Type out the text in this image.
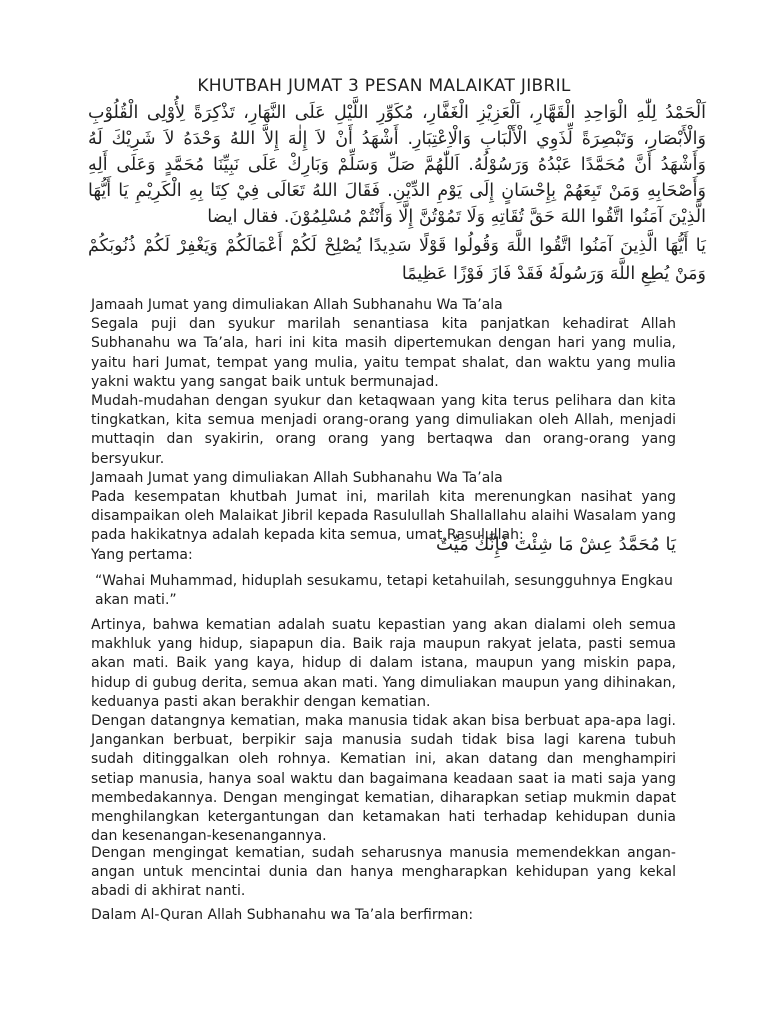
KHUTBAH JUMAT 3 PESAN MALAIKAT JIBRIL
اَلْحَمْدُ لِلّٰهِ الْوَاحِدِ الْقَهَّارِ، اَلْعَزِيْزِ الْغَفَّارِ، مُكَوِّرِ اللَّيْلِ عَلَى النَّهَارِ، تَذْكِرَةً لِأُوْلِى الْقُلُوْبِ وَالْأَبْصَارِ، وَتَبْصِرَةً لِّذَوِي الْأَلْبَابِ وَالْاِعْتِبَارِ. أَشْهَدُ أَنْ لاَ إِلٰهَ إِلاَّ اللهُ وَحْدَهُ لاَ شَرِيْكَ لَهُ وَأَشْهَدُ أَنَّ مُحَمَّدًا عَبْدُهُ وَرَسُوْلُهُ. اَللّٰهُمَّ صَلِّ وَسَلِّمْ وَبَارِكْ عَلَى نَبِيِّنَا مُحَمَّدٍ وَعَلَى أَلِهِ وَأَصْحَابِهِ وَمَنْ تَبِعَهُمْ بِإِحْسَانٍ إِلَى يَوْمِ الدِّيْنِ. فَقَالَ اللهُ تَعَالَى فِيْ كِتَا بِهِ الْكَرِيْمِ يَا أَيُّهَا الَّذِيْنَ آمَنُوا اتَّقُوا اللهَ حَقَّ تُقَاتِهِ وَلَا تَمُوْتُنَّ إِلَّا وَأَنْتُمْ مُسْلِمُوْنَ. فقال ايضا
يَا أَيُّهَا الَّذِينَ آمَنُوا اتَّقُوا اللَّهَ وَقُولُوا قَوْلًا سَدِيدًا يُصْلِحْ لَكُمْ أَعْمَالَكُمْ وَيَغْفِرْ لَكُمْ ذُنُوبَكُمْ وَمَنْ يُطِعِ اللَّهَ وَرَسُولَهُ فَقَدْ فَازَ فَوْزًا عَظِيمًا

Jamaah Jumat yang dimuliakan Allah Subhanahu Wa Ta’ala

Segala puji dan syukur marilah senantiasa kita panjatkan kehadirat Allah Subhanahu wa Ta’ala, hari ini kita masih dipertemukan dengan hari yang mulia, yaitu hari Jumat, tempat yang mulia, yaitu tempat shalat, dan waktu yang mulia yakni waktu yang sangat baik untuk bermunajad.

Mudah-mudahan dengan syukur dan ketaqwaan yang kita terus pelihara dan kita tingkatkan, kita semua menjadi orang-orang yang dimuliakan oleh Allah, menjadi muttaqin dan syakirin, orang orang yang bertaqwa dan orang-orang yang bersyukur.

Jamaah Jumat yang dimuliakan Allah Subhanahu Wa Ta’ala

Pada kesempatan khutbah Jumat ini, marilah kita merenungkan nasihat yang disampaikan oleh Malaikat Jibril kepada Rasulullah Shallallahu alaihi Wasalam yang pada hakikatnya adalah kepada kita semua, umat Rasulullah:

Yang pertama:	يَا مُحَمَّدُ عِشْ مَا شِئْتَ فَإِنَّكَ مَيِّتٌ
“Wahai Muhammad, hiduplah sesukamu, tetapi ketahuilah, sesungguhnya Engkau akan mati.”

Artinya, bahwa kematian adalah suatu kepastian yang akan dialami oleh semua makhluk yang hidup, siapapun dia. Baik raja maupun rakyat jelata, pasti semua akan mati. Baik yang kaya, hidup di dalam istana, maupun yang miskin papa, hidup di gubug derita, semua akan mati. Yang dimuliakan maupun yang dihinakan, keduanya pasti akan berakhir dengan kematian.

Dengan datangnya kematian, maka manusia tidak akan bisa berbuat apa-apa lagi. Jangankan berbuat, berpikir saja manusia sudah tidak bisa lagi karena tubuh sudah ditinggalkan oleh rohnya. Kematian ini, akan datang dan menghampiri setiap manusia, hanya soal waktu dan bagaimana keadaan saat ia mati saja yang membedakannya. Dengan mengingat kematian, diharapkan setiap mukmin dapat menghilangkan ketergantungan dan ketamakan hati terhadap kehidupan dunia dan kesenangan-kesenangannya.

Dengan mengingat kematian, sudah seharusnya manusia memendekkan angan-angan untuk mencintai dunia dan hanya mengharapkan kehidupan yang kekal abadi di akhirat nanti.

Dalam Al-Quran Allah Subhanahu wa Ta’ala berfirman:
